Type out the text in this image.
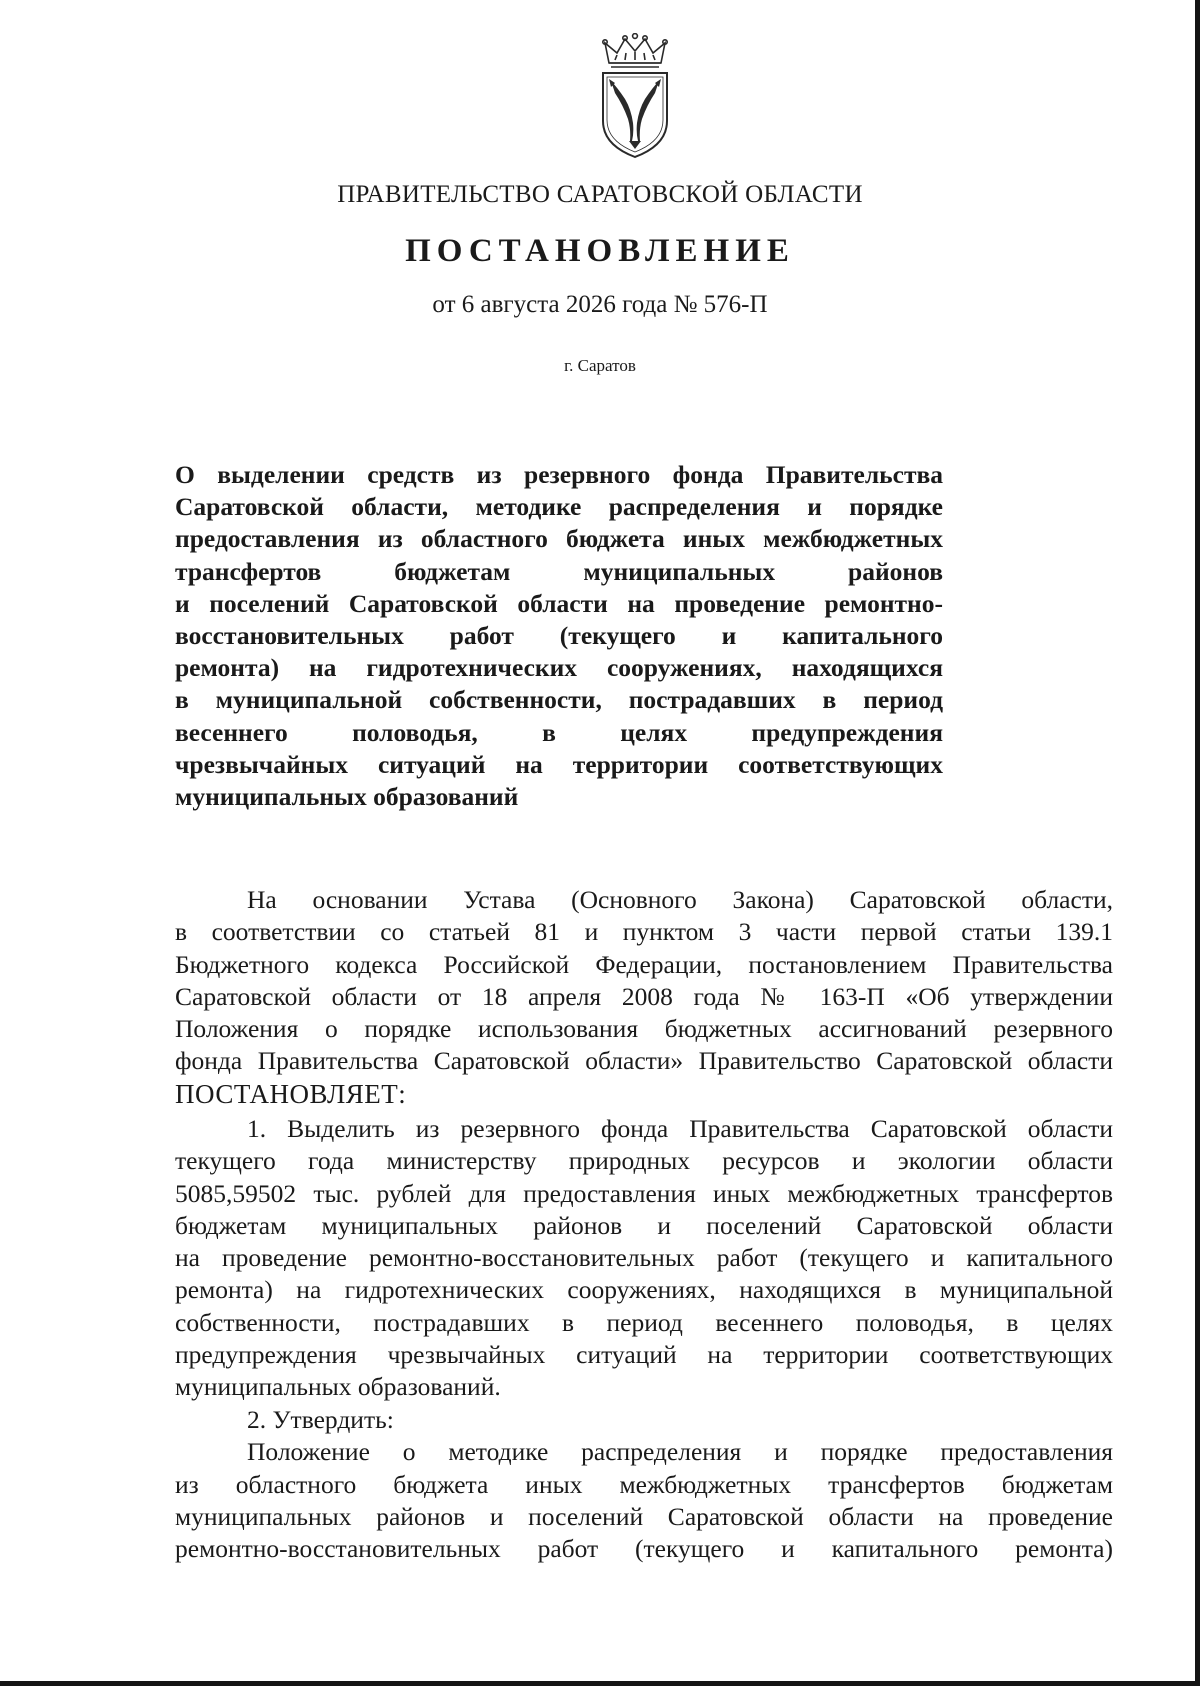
ПРАВИТЕЛЬСТВО САРАТОВСКОЙ ОБЛАСТИ
ПОСТАНОВЛЕНИЕ
от 6 августа 2026 года № 576-П
г. Саратов
О выделении средств из резервного фонда Правительства
Саратовской области, методике распределения и порядке
предоставления из областного бюджета иных межбюджетных
трансфертов бюджетам муниципальных районов
и поселений Саратовской области на проведение ремонтно-
восстановительных работ (текущего и капитального
ремонта) на гидротехнических сооружениях, находящихся
в муниципальной собственности, пострадавших в период
весеннего половодья, в целях предупреждения
чрезвычайных ситуаций на территории соответствующих
муниципальных образований
На основании Устава (Основного Закона) Саратовской области,
в соответствии со статьей 81 и пунктом 3 части первой статьи 139.1
Бюджетного кодекса Российской Федерации, постановлением Правительства
Саратовской области от 18 апреля 2008 года № 163-П «Об утверждении
Положения о порядке использования бюджетных ассигнований резервного
фонда Правительства Саратовской области» Правительство Саратовской области
ПОСТАНОВЛЯЕТ:
1. Выделить из резервного фонда Правительства Саратовской области
текущего года министерству природных ресурсов и экологии области
5085,59502 тыс. рублей для предоставления иных межбюджетных трансфертов
бюджетам муниципальных районов и поселений Саратовской области
на проведение ремонтно-восстановительных работ (текущего и капитального
ремонта) на гидротехнических сооружениях, находящихся в муниципальной
собственности, пострадавших в период весеннего половодья, в целях
предупреждения чрезвычайных ситуаций на территории соответствующих
муниципальных образований.
2. Утвердить:
Положение о методике распределения и порядке предоставления
из областного бюджета иных межбюджетных трансфертов бюджетам
муниципальных районов и поселений Саратовской области на проведение
ремонтно-восстановительных работ (текущего и капитального ремонта)
